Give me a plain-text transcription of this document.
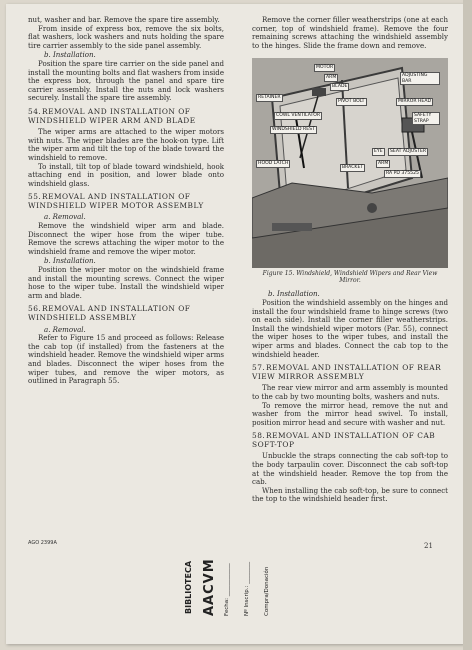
nut, washer and bar. Remove the spare tire assembly.

From inside of express box, remove the six bolts, flat washers, lock washers and nuts holding the spare tire carrier assembly to the side panel assembly.

b. Installation.

Position the spare tire carrier on the side panel and install the mounting bolts and flat washers from inside the express box, through the panel and spare tire carrier assembly. Install the nuts and lock washers securely. Install the spare tire assembly.

54.REMOVAL AND INSTALLATION OF WINDSHIELD WIPER ARM AND BLADE

The wiper arms are attached to the wiper motors with nuts. The wiper blades are the hook-on type. Lift the wiper arm and tilt the top of the blade toward the windshield to remove.

To install, tilt top of blade toward windshield, hook attaching end in position, and lower blade onto windshield glass.

55.REMOVAL AND INSTALLATION OF WINDSHIELD WIPER MOTOR ASSEMBLY

a. Removal.

Remove the windshield wiper arm and blade. Disconnect the wiper hose from the wiper tube. Remove the screws attaching the wiper motor to the windshield frame and remove the wiper motor.

b. Installation.

Position the wiper motor on the windshield frame and install the mounting screws. Connect the wiper hose to the wiper tube. Install the windshield wiper arm and blade.

56.REMOVAL AND INSTALLATION OF WINDSHIELD ASSEMBLY

a. Removal.

Refer to Figure 15 and proceed as follows: Release the cab top (if installed) from the fasteners at the windshield header. Remove the windshield wiper arms and blades. Disconnect the wiper hoses from the wiper tubes, and remove the wiper motors, as outlined in Paragraph 55.

Remove the corner filler weatherstrips (one at each corner, top of windshield frame). Remove the four remaining screws attaching the windshield assembly to the hinges. Slide the frame down and remove.

MOTOR
ARM
BLADE
ADJUSTING BAR
RETAINER
PIVOT BOLT	MIRROR HEAD
COWL VENTILATOR	SAFETY STRAP
WINDSHIELD REST
EYE	SEAT ADJUSTER
HOOD LATCH
BRACKET
ARM
RA PD 375525

Figure 15. Windshield, Windshield Wipers and Rear View Mirror.

b. Installation.

Position the windshield assembly on the hinges and install the four windshield frame to hinge screws (two on each side). Install the corner filler weatherstrips. Install the windshield wiper motors (Par. 55), connect the wiper hoses to the wiper tubes, and install the wiper arms and blades. Connect the cab top to the windshield header.

57.REMOVAL AND INSTALLATION OF REAR VIEW MIRROR ASSEMBLY

The rear view mirror and arm assembly is mounted to the cab by two mounting bolts, washers and nuts.

To remove the mirror head, remove the nut and washer from the mirror head swivel. To install, position mirror head and secure with washer and nut.

58.REMOVAL AND INSTALLATION OF CAB SOFT-TOP

Unbuckle the straps connecting the cab soft-top to the body tarpaulin cover. Disconnect the cab soft-top at the windshield header. Remove the top from the cab.

When installing the cab soft-top, be sure to connect the top to the windshield header first.

AGO 2399A	21
BIBLIOTECA AACVM Fecha: ____________	Nº Inscrip.: ________	Compra/Donación
